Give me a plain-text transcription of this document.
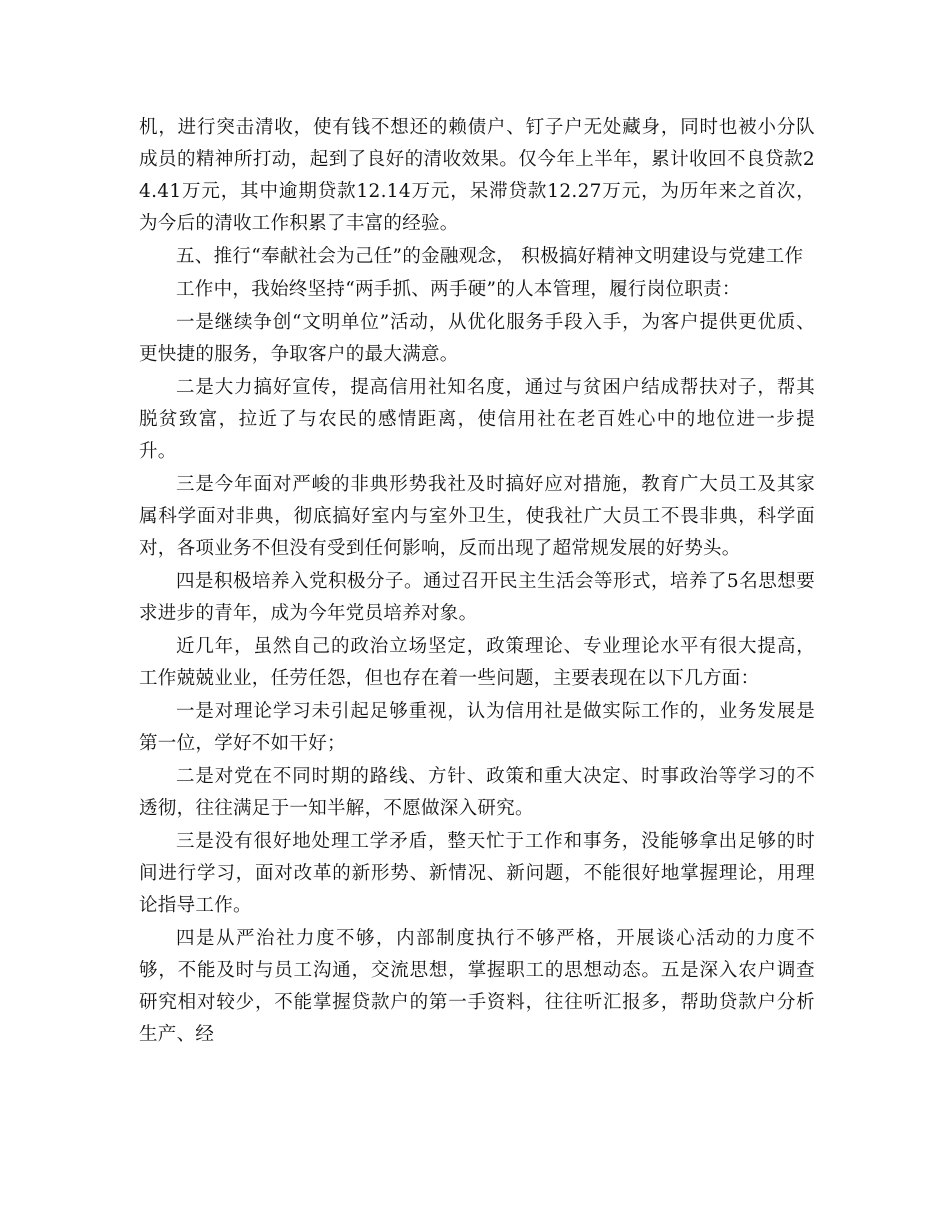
机，进行突击清收，使有钱不想还的赖债户、钉子户无处藏身，同时也被小分队成员的精神所打动，起到了良好的清收效果。仅今年上半年，累计收回不良贷款24.41万元，其中逾期贷款12.14万元，呆滞贷款12.27万元，为历年来之首次，为今后的清收工作积累了丰富的经验。

五、推行“奉献社会为己任”的金融观念， 积极搞好精神文明建设与党建工作

工作中，我始终坚持“两手抓、两手硬”的人本管理，履行岗位职责：

一是继续争创“文明单位”活动，从优化服务手段入手，为客户提供更优质、更快捷的服务，争取客户的最大满意。

二是大力搞好宣传，提高信用社知名度，通过与贫困户结成帮扶对子，帮其脱贫致富，拉近了与农民的感情距离，使信用社在老百姓心中的地位进一步提升。

三是今年面对严峻的非典形势我社及时搞好应对措施，教育广大员工及其家属科学面对非典，彻底搞好室内与室外卫生，使我社广大员工不畏非典，科学面对，各项业务不但没有受到任何影响，反而出现了超常规发展的好势头。

四是积极培养入党积极分子。通过召开民主生活会等形式，培养了5名思想要求进步的青年，成为今年党员培养对象。

近几年，虽然自己的政治立场坚定，政策理论、专业理论水平有很大提高，工作兢兢业业，任劳任怨，但也存在着一些问题，主要表现在以下几方面：

一是对理论学习未引起足够重视，认为信用社是做实际工作的，业务发展是第一位，学好不如干好；

二是对党在不同时期的路线、方针、政策和重大决定、时事政治等学习的不透彻，往往满足于一知半解，不愿做深入研究。

三是没有很好地处理工学矛盾，整天忙于工作和事务，没能够拿出足够的时间进行学习，面对改革的新形势、新情况、新问题，不能很好地掌握理论，用理论指导工作。

四是从严治社力度不够，内部制度执行不够严格，开展谈心活动的力度不够，不能及时与员工沟通，交流思想，掌握职工的思想动态。五是深入农户调查研究相对较少，不能掌握贷款户的第一手资料，往往听汇报多，帮助贷款户分析生产、经
